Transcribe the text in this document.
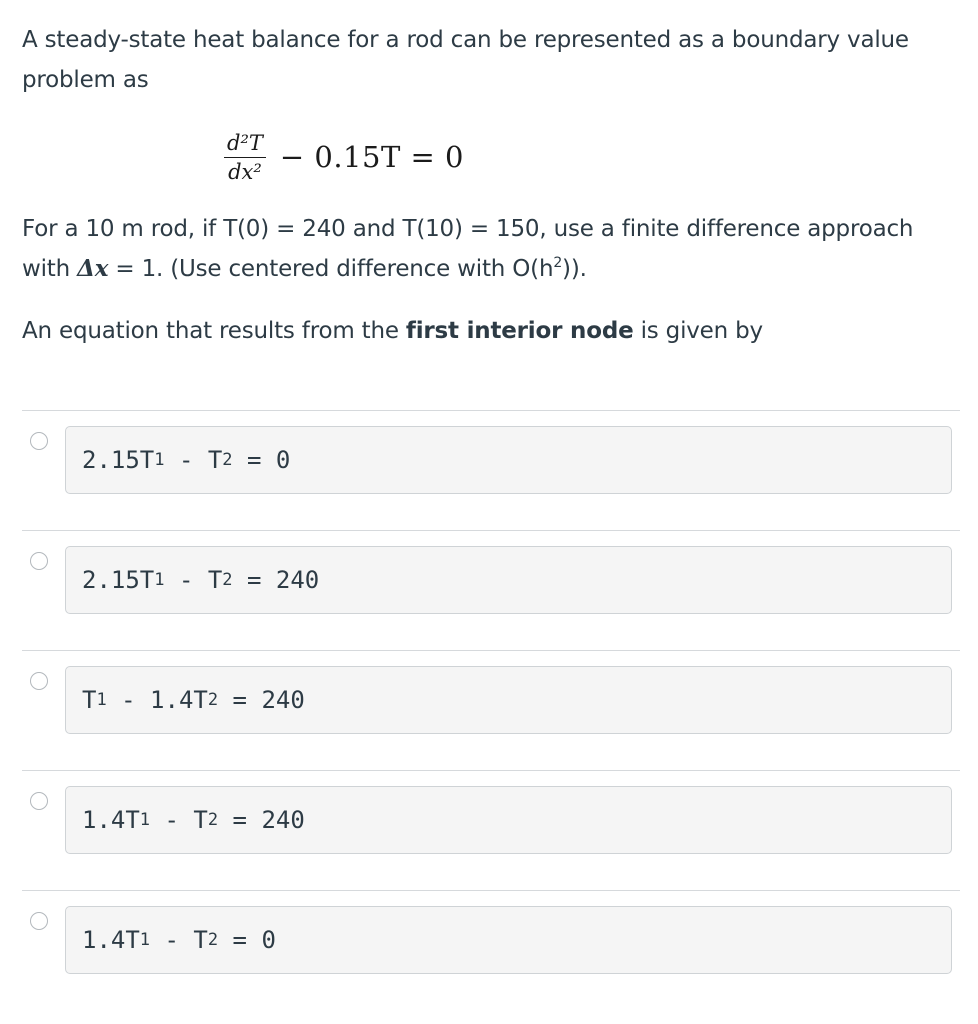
A steady-state heat balance for a rod can be represented as a boundary value problem as

$\frac{\text{d²T}}{\text{dx²}} - 0.15T = 0$

For a 10 m rod, if T(0) = 240 and T(10) = 150, use a finite difference approach with Δx = 1. (Use centered difference with $O(h^2)$).

An equation that results from the first interior node is given by

2.15T 1 - T 2 = 0
2.15T 1 - T 2 = 240
T 1 - 1.4T 2 = 240
1.4T 1 - T 2 = 240
1.4T 1 - T 2 = 0
